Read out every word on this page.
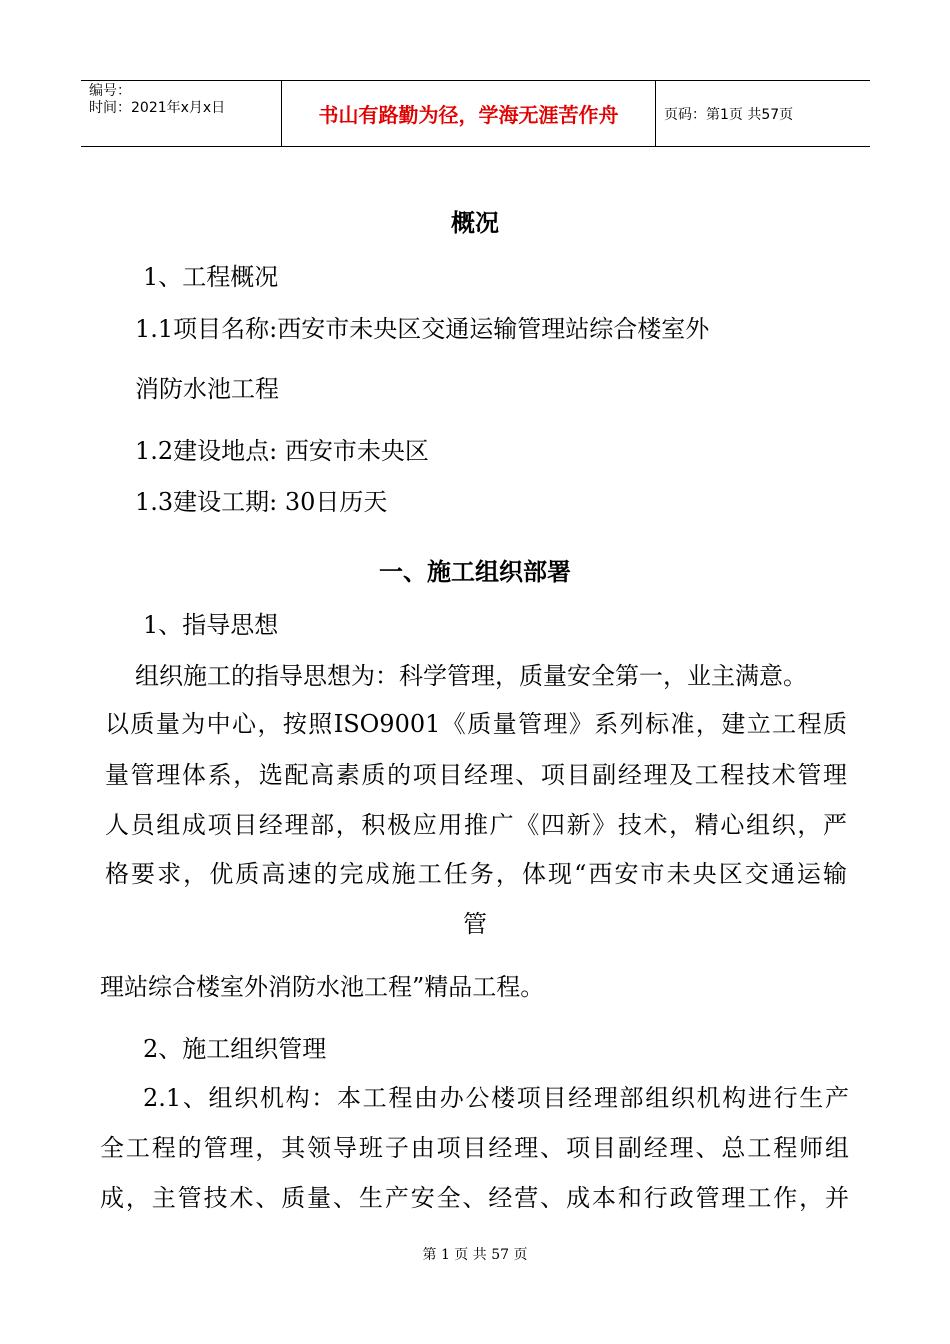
编号：
时间：2021年x月x日	书山有路勤为径，学海无涯苦作舟	页码：第1页 共57页
概况
1、工程概况
1.1项目名称:西安市未央区交通运输管理站综合楼室外
消防水池工程
1.2建设地点: 西安市未央区
1.3建设工期: 30日历天
一、施工组织部署
1、指导思想
组织施工的指导思想为：科学管理，质量安全第一，业主满意。
以质量为中心，按照ISO9001《质量管理》系列标准，建立工程质
量管理体系，选配高素质的项目经理、项目副经理及工程技术管理
人员组成项目经理部，积极应用推广《四新》技术，精心组织，严
格要求，优质高速的完成施工任务，体现“西安市未央区交通运输
管
理站综合楼室外消防水池工程”精品工程。
2、施工组织管理
2.1、组织机构：本工程由办公楼项目经理部组织机构进行生产
全工程的管理，其领导班子由项目经理、项目副经理、总工程师组
成，主管技术、质量、生产安全、经营、成本和行政管理工作，并
第 1 页 共 57 页
